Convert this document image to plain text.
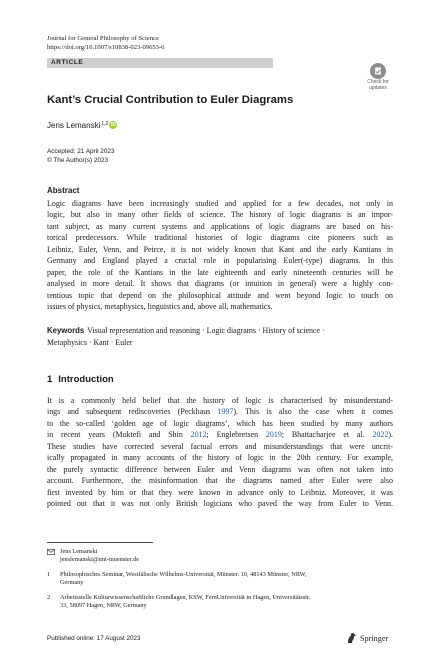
Journal for General Philosophy of Science
https://doi.org/10.1007/s10838-023-09653-6
ARTICLE
Check for
updates
Kant’s Crucial Contribution to Euler Diagrams
Jens Lemanski 1,2 iD
Accepted: 21 April 2023
© The Author(s) 2023
Abstract
Logic diagrams have been increasingly studied and applied for a few decades, not only in
logic, but also in many other fields of science. The history of logic diagrams is an impor-
tant subject, as many current systems and applications of logic diagrams are based on his-
torical predecessors. While traditional histories of logic diagrams cite pioneers such as
Leibniz, Euler, Venn, and Peirce, it is not widely known that Kant and the early Kantians in
Germany and England played a crucial role in popularising Euler(-type) diagrams. In this
paper, the role of the Kantians in the late eighteenth and early nineteenth centuries will be
analysed in more detail. It shows that diagrams (or intuition in general) were a highly con-
tentious topic that depend on the philosophical attitude and went beyond logic to touch on
issues of physics, metaphysics, linguistics and, above all, mathematics.
Keywords Visual representation and reasoning · Logic diagrams · History of science ·
Metaphysics · Kant · Euler
1 Introduction
It is a commonly held belief that the history of logic is characterised by misunderstand-
ings and subsequent rediscoveries (Peckhaus 1997). This is also the case when it comes
to the so-called ‘golden age of logic diagrams’, which has been studied by many authors
in recent years (Moktefi and Shin 2012; Englebretsen 2019; Bhattacharjee et al. 2022).
These studies have corrected several factual errors and misunderstandings that were uncrit-
ically propagated in many accounts of the history of logic in the 20th century. For example,
the purely syntactic difference between Euler and Venn diagrams was often not taken into
account. Furthermore, the misinformation that the diagrams named after Euler were also
first invented by him or that they were known in advance only to Leibniz. Moreover, it was
pointed out that it was not only British logicians who paved the way from Euler to Venn.
Jens Lemanski
jenslemanski@uni-muenster.de
1	Philosophisches Seminar, Westfälische Wilhelms-Universität, Münster. 10, 48143 Münster, NRW,
Germany
2	Arbeitsstelle Kulturwissenschaftliche Grundlagen, KSW, FernUniversität in Hagen, Universitätsstr.
33, 58097 Hagen, NRW, Germany
Published online: 17 August 2023	Springer
